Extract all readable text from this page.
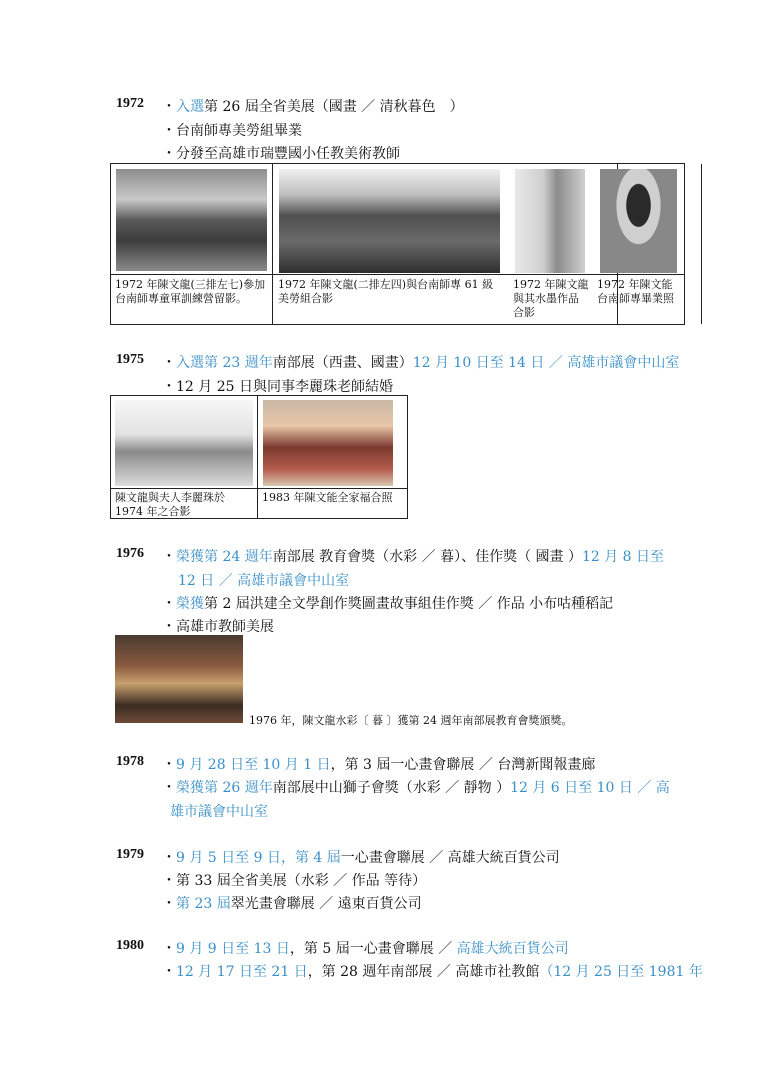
1972 ・入選第 26 屆全省美展（國畫 ／ 清秋暮色　）
・台南師專美勞組畢業
・分發至高雄市瑞豐國小任教美術教師
1972 年陳文龍(三排左七)參加台南師專童軍訓練營留影。
1972 年陳文龍(二排左四)與台南師專 61 級美勞組合影
1972 年陳文龍與其水墨作品合影
1972 年陳文能台南師專畢業照
1975 ・入選第 23 週年南部展（西畫、國畫）12 月 10 日至 14 日 ／ 高雄市議會中山室
・12 月 25 日與同事李麗珠老師結婚
陳文龍與夫人李麗珠於 1974 年之合影
1983 年陳文能全家福合照
1976 ・榮獲第 24 週年南部展 教育會獎（水彩 ／ 暮）、佳作獎（ 國畫 ）12 月 8 日至
12 日 ／ 高雄市議會中山室
・榮獲第 2 屆洪建全文學創作獎圖畫故事組佳作獎 ／ 作品 小布咕種稻記
・高雄市教師美展
1976 年，陳文龍水彩〔 暮 〕獲第 24 週年南部展教育會獎頒獎。
1978 ・9 月 28 日至 10 月 1 日，第 3 屆一心畫會聯展 ／ 台灣新聞報畫廊
・榮獲第 26 週年南部展中山獅子會獎（水彩 ／ 靜物 ）12 月 6 日至 10 日 ／ 高
雄市議會中山室
1979 ・9 月 5 日至 9 日，第 4 屆一心畫會聯展 ／ 高雄大統百貨公司
・第 33 屆全省美展（水彩 ／ 作品 等待）
・第 23 屆翠光畫會聯展 ／ 遠東百貨公司
1980 ・9 月 9 日至 13 日，第 5 屆一心畫會聯展 ／ 高雄大統百貨公司
・12 月 17 日至 21 日，第 28 週年南部展 ／ 高雄市社教館（12 月 25 日至 1981 年
